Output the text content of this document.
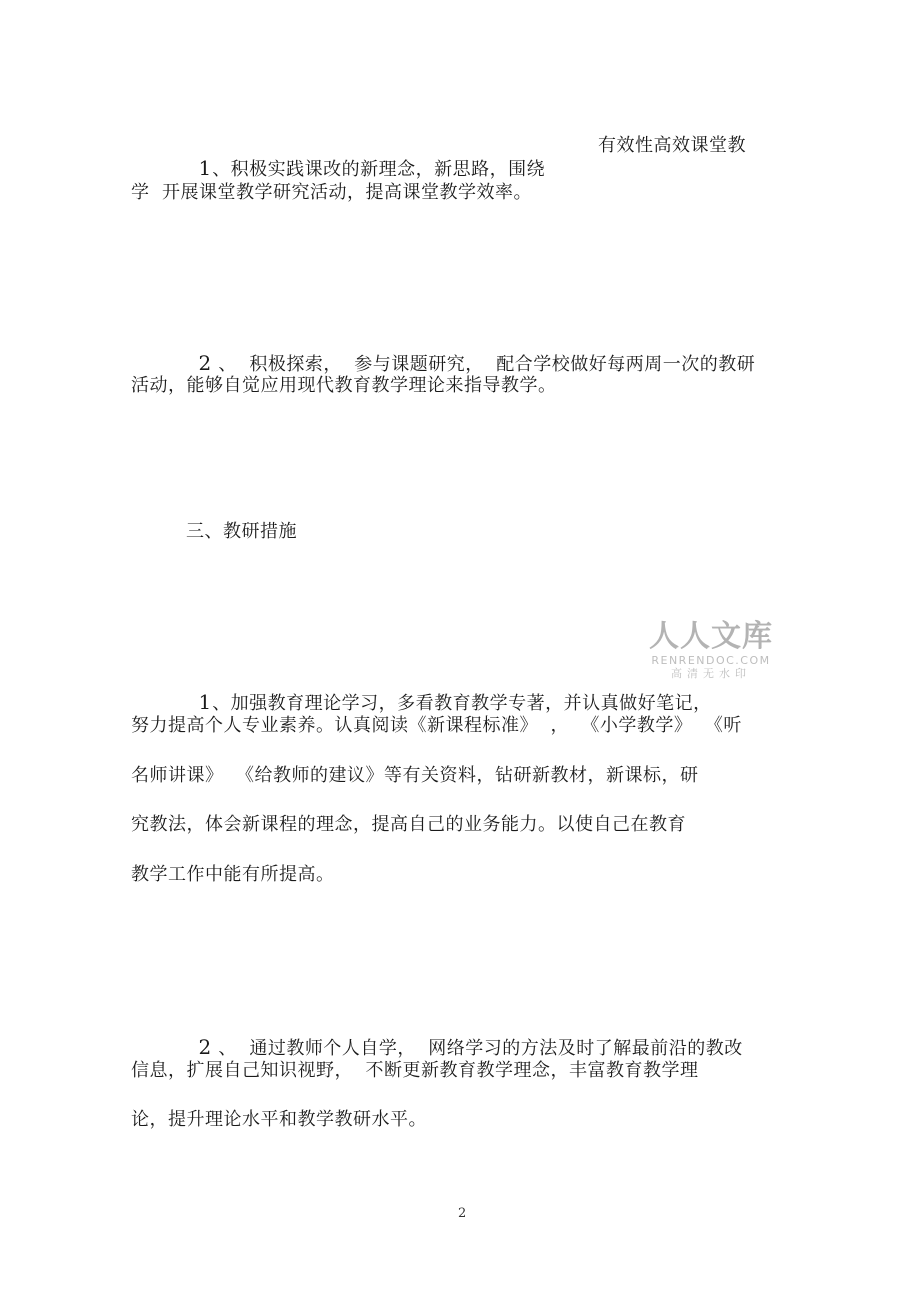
1、积极实践课改的新理念，新思路，围绕

有效性高效课堂教
学  开展课堂教学研究活动，提高课堂教学效率。

2 、  积极探索，  参与课题研究，  配合学校做好每两周一次的教研

活动，能够自觉应用现代教育教学理论来指导教学。
三、教研措施

1、加强教育理论学习，多看教育教学专著，并认真做好笔记，

努力提高个人专业素养。认真阅读《新课程标准》  ，  《小学教学》  《听
名师讲课》  《给教师的建议》等有关资料，钻研新教材，新课标，研
究教法，体会新课程的理念，提高自己的业务能力。以使自己在教育
教学工作中能有所提高。

2 、  通过教师个人自学，  网络学习的方法及时了解最前沿的教改

信息，扩展自己知识视野，  不断更新教育教学理念，丰富教育教学理
论，提升理论水平和教学教研水平。
2
人人文库
RENRENDOC.COM
高清无水印
